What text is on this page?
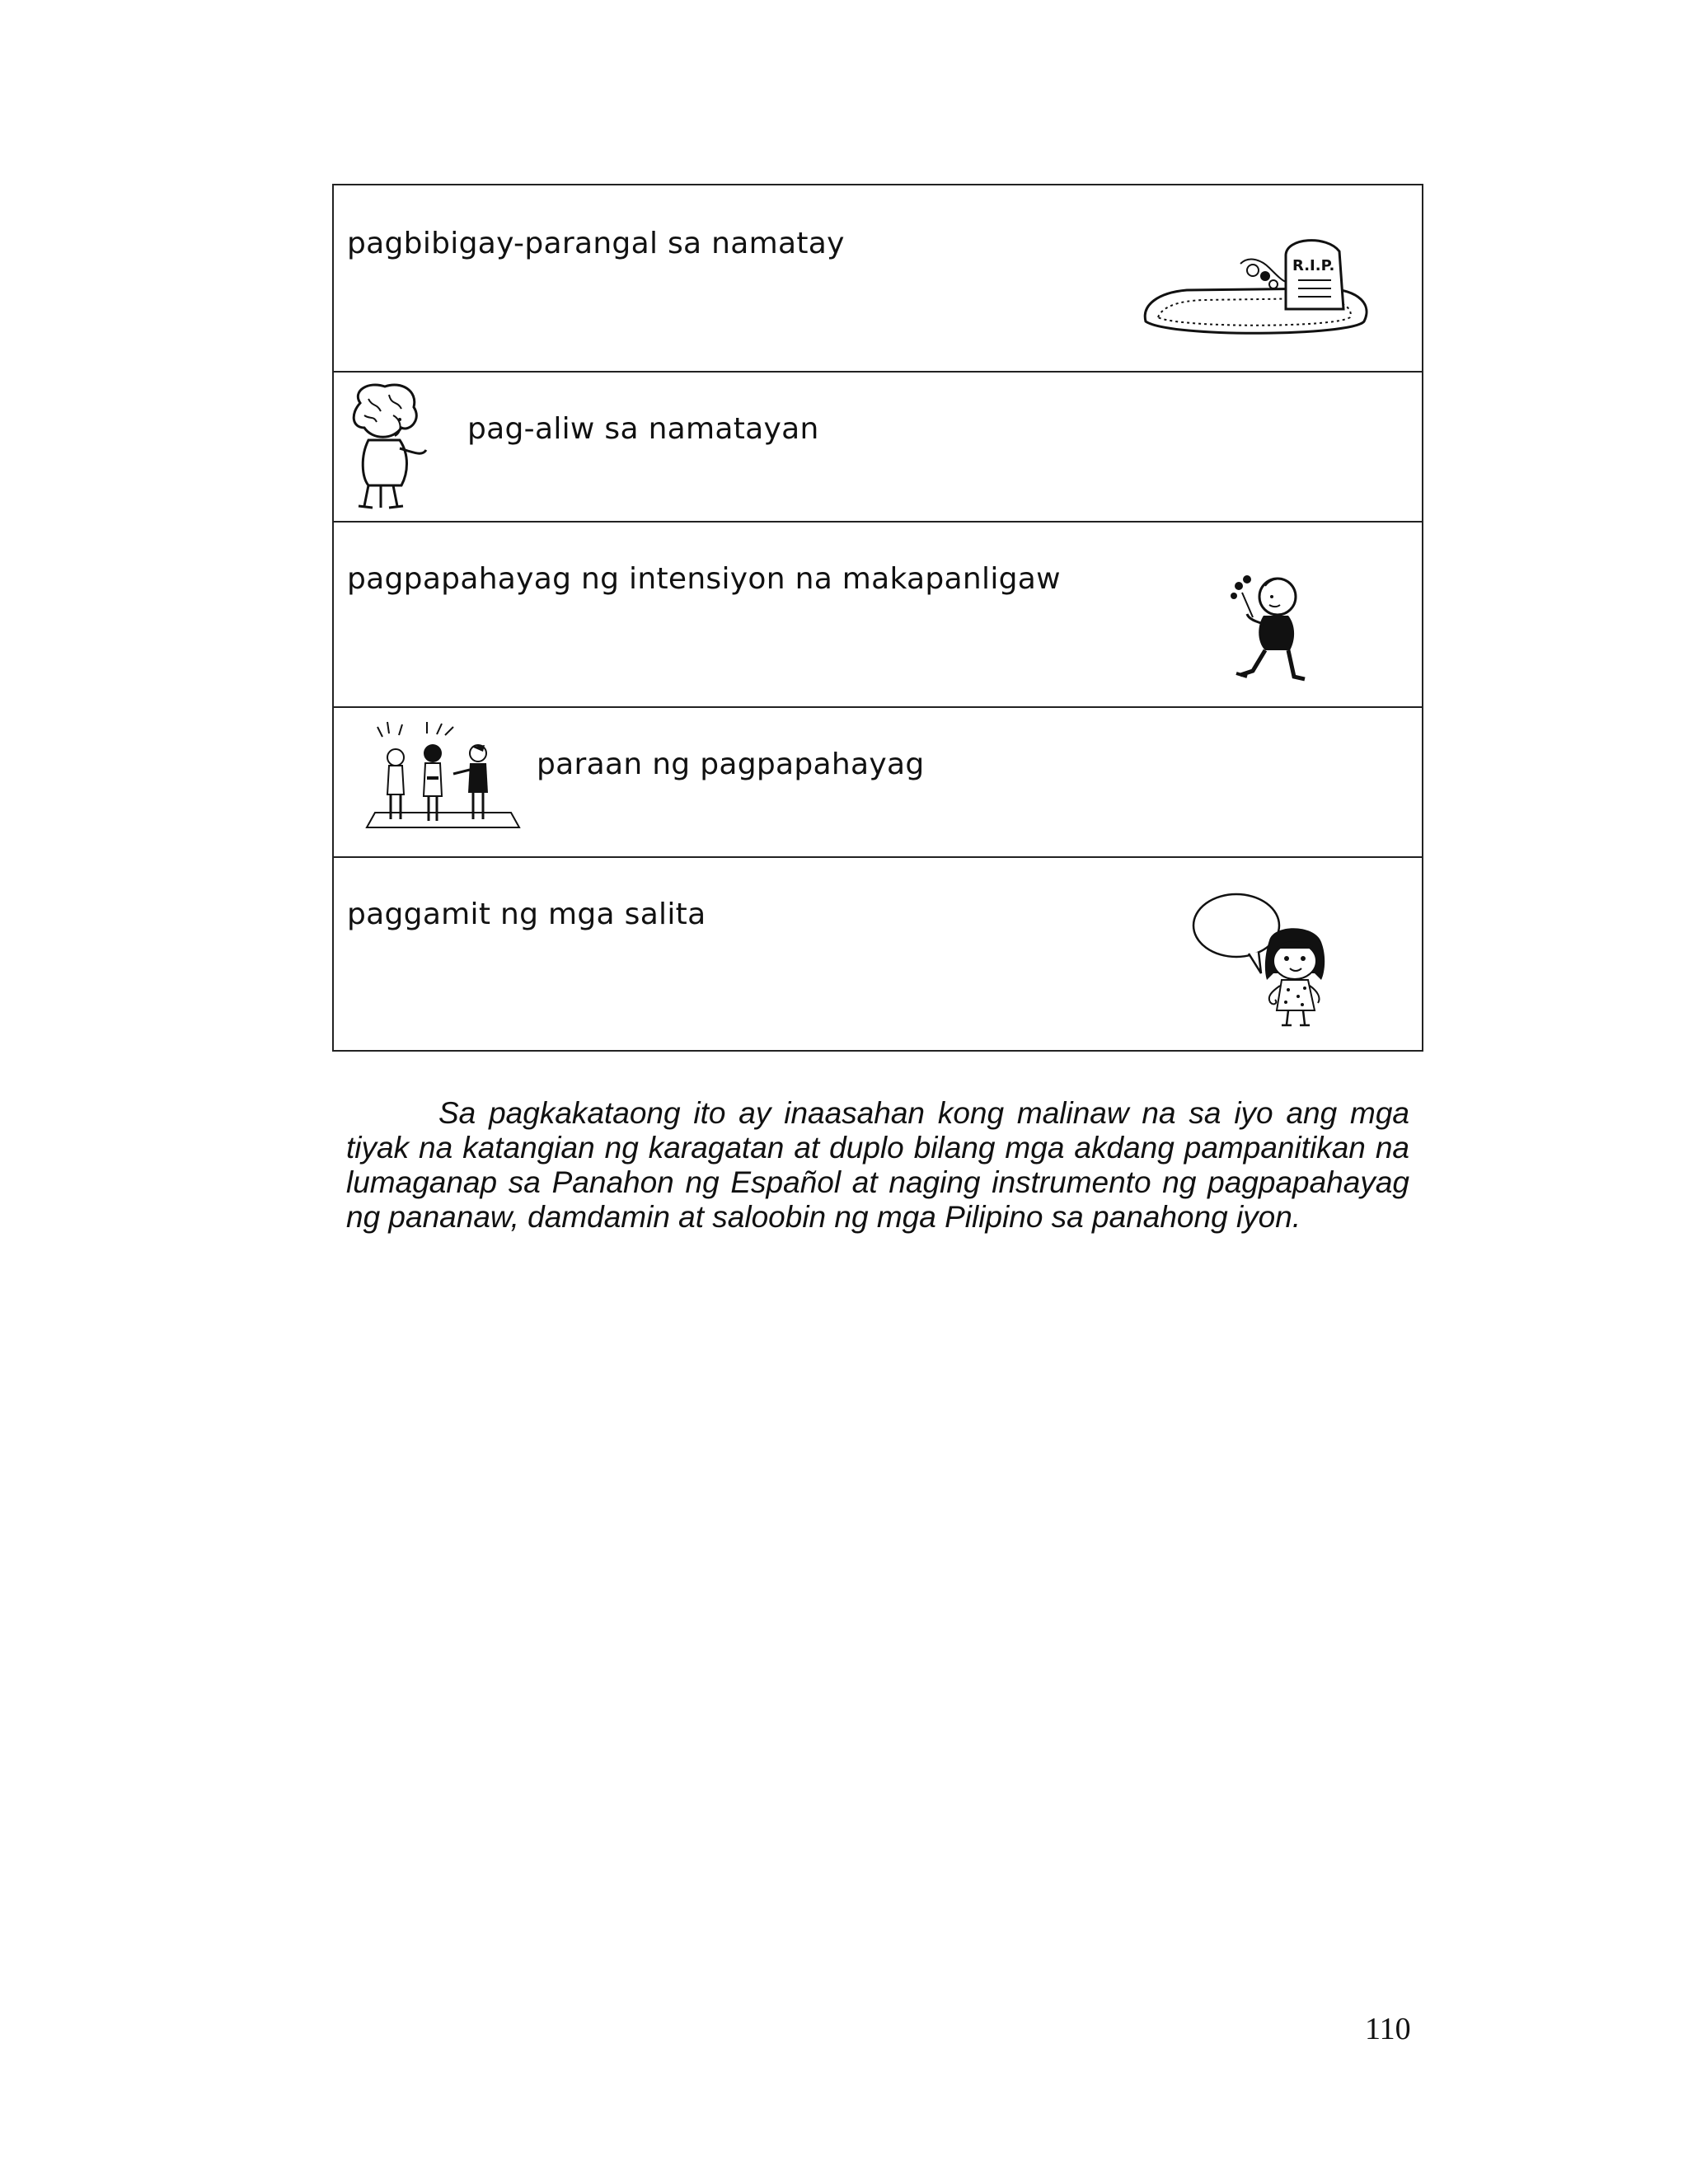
pagbibigay-parangal sa namatay
R.I.P.
pag-aliw sa namatayan
pagpapahayag ng intensiyon na makapanligaw
paraan ng pagpapahayag
paggamit ng mga salita

Sa pagkakataong ito ay inaasahan kong malinaw na sa iyo ang mga tiyak na katangian ng karagatan at duplo bilang mga akdang pampanitikan na lumaganap sa Panahon ng Español at naging instrumento ng pagpapahayag ng pananaw, damdamin at saloobin ng mga Pilipino sa panahong iyon.

110
